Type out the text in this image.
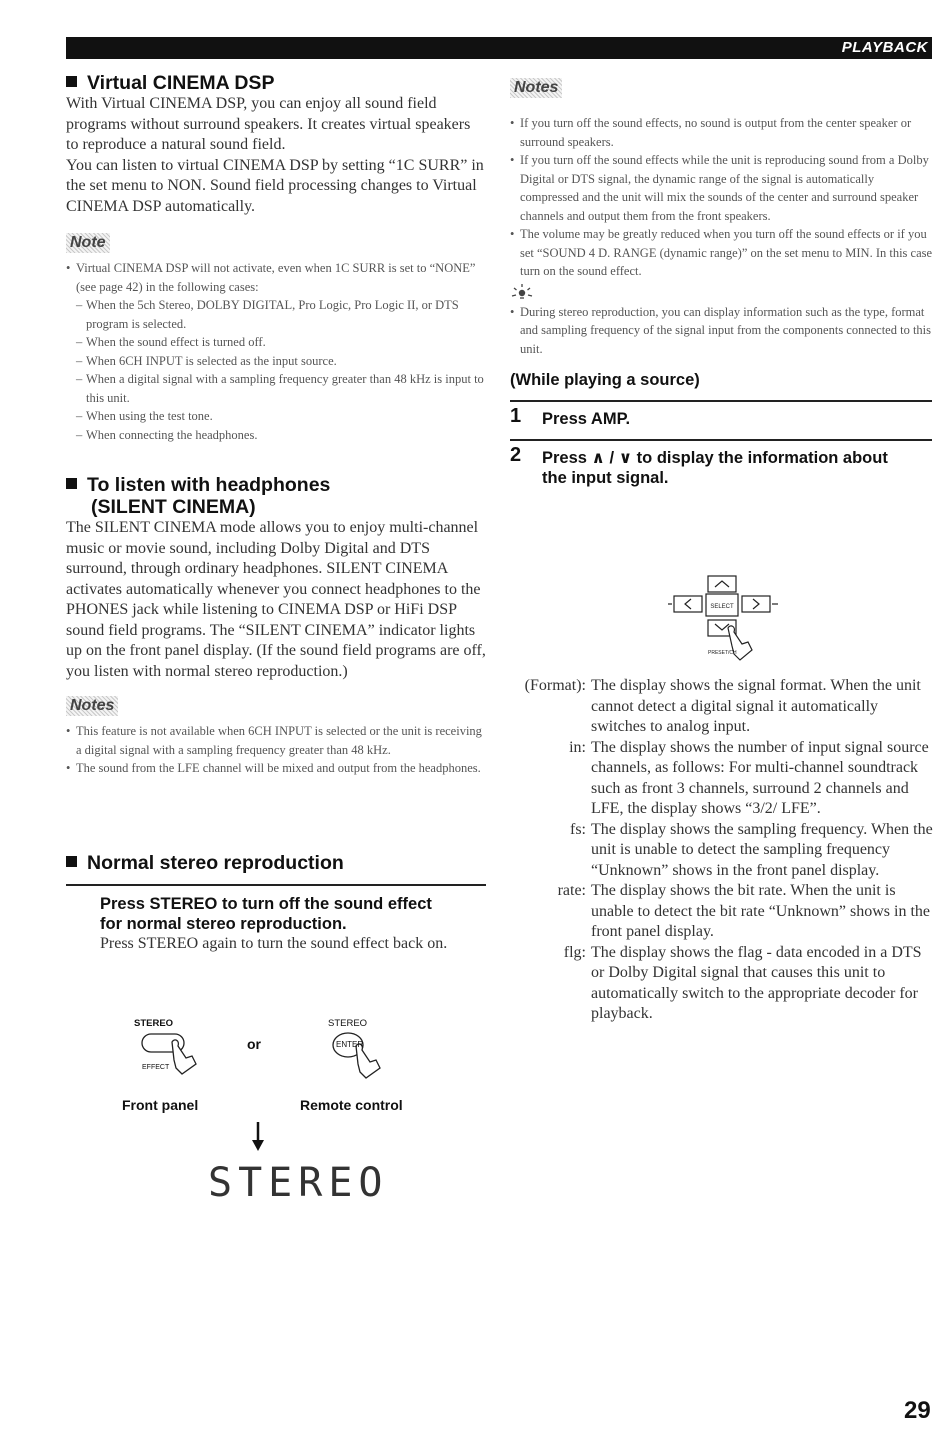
PLAYBACK
Virtual CINEMA DSP

With Virtual CINEMA DSP, you can enjoy all sound field programs without surround speakers. It creates virtual speakers to reproduce a natural sound field.

You can listen to virtual CINEMA DSP by setting “1C SURR” in the set menu to NON. Sound field processing changes to Virtual CINEMA DSP automatically.

Note
• Virtual CINEMA DSP will not activate, even when 1C SURR is set to “NONE” (see page 42) in the following cases:
– When the 5ch Stereo, DOLBY DIGITAL, Pro Logic, Pro Logic II, or DTS program is selected.
– When the sound effect is turned off.
– When 6CH INPUT is selected as the input source.
– When a digital signal with a sampling frequency greater than 48 kHz is input to this unit.
– When using the test tone.
– When connecting the headphones.
To listen with headphones
(SILENT CINEMA)

The SILENT CINEMA mode allows you to enjoy multi-channel music or movie sound, including Dolby Digital and DTS surround, through ordinary headphones. SILENT CINEMA activates automatically whenever you connect headphones to the PHONES jack while listening to CINEMA DSP or HiFi DSP sound field programs. The “SILENT CINEMA” indicator lights up on the front panel display. (If the sound field programs are off, you listen with normal stereo reproduction.)

Notes
• This feature is not available when 6CH INPUT is selected or the unit is receiving a digital signal with a sampling frequency greater than 48 kHz.
• The sound from the LFE channel will be mixed and output from the headphones.
Normal stereo reproduction
Press STEREO to turn off the sound effect
for normal stereo reproduction.

Press STEREO again to turn the sound effect back on.

STEREO
EFFECT
or
STEREO
ENTER
Front panel	Remote control
STEREO
Notes
• If you turn off the sound effects, no sound is output from the center speaker or surround speakers.
• If you turn off the sound effects while the unit is reproducing sound from a Dolby Digital or DTS signal, the dynamic range of the signal is automatically compressed and the unit will mix the sounds of the center and surround speaker channels and output them from the front speakers.
• The volume may be greatly reduced when you turn off the sound effects or if you set “SOUND 4 D. RANGE (dynamic range)” on the set menu to MIN. In this case turn on the sound effect.
• During stereo reproduction, you can display information such as the type, format and sampling frequency of the signal input from the components connected to this unit.
(While playing a source)
1	Press AMP.
2	Press ∧ / ∨ to display the information about
the input signal.
SELECT
PRESET/CH
(Format):	The display shows the signal format. When the unit cannot detect a digital signal it automatically switches to analog input.
in:	The display shows the number of input signal source channels, as follows: For multi-channel soundtrack such as front 3 channels, surround 2 channels and LFE, the display shows “3/2/ LFE”.
fs:	The display shows the sampling frequency. When the unit is unable to detect the sampling frequency “Unknown” shows in the front panel display.
rate:	The display shows the bit rate. When the unit is unable to detect the bit rate “Unknown” shows in the front panel display.
flg:	The display shows the flag - data encoded in a DTS or Dolby Digital signal that causes this unit to automatically switch to the appropriate decoder for playback.
29
